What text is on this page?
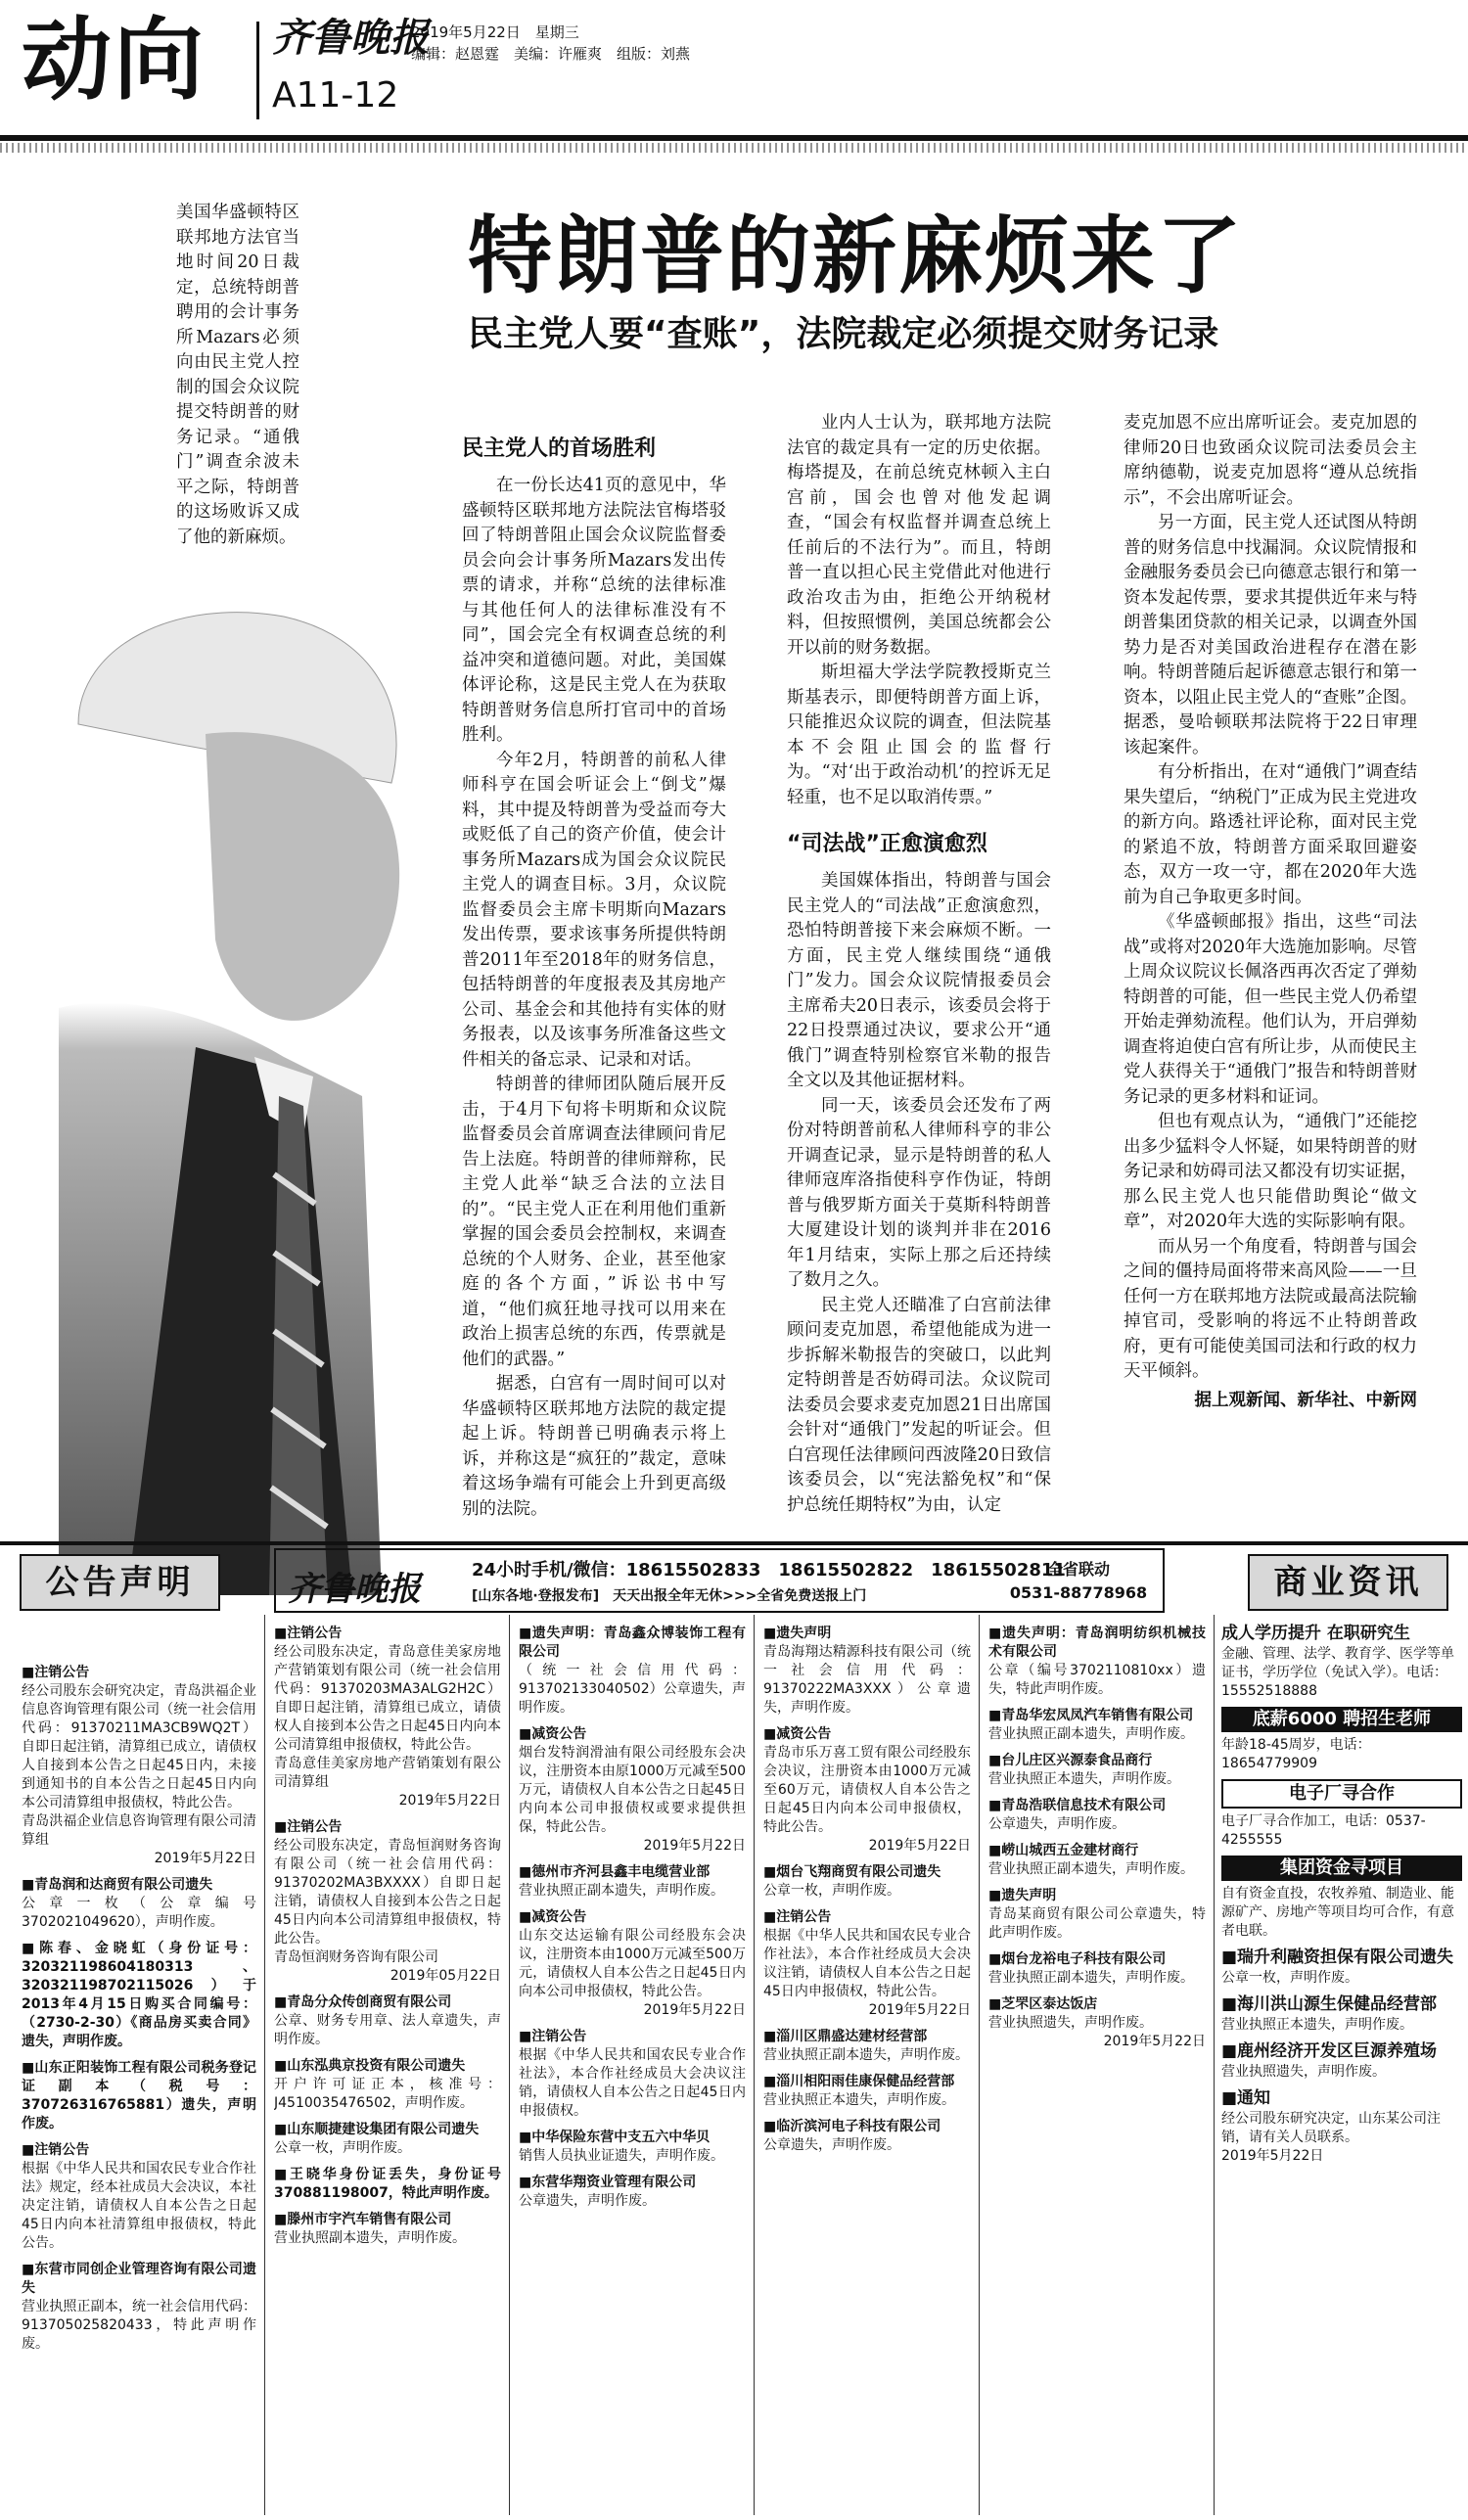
动向 齐鲁晚报
A11-12
2019年5月22日　星期三
编辑：赵恩霆　美编：许雁爽　组版：刘燕
美国华盛顿特区联邦地方法官当地时间20日裁定，总统特朗普聘用的会计事务所Mazars必须向由民主党人控制的国会众议院提交特朗普的财务记录。“通俄门”调查余波未平之际，特朗普的这场败诉又成了他的新麻烦。
特朗普的新麻烦来了
民主党人要“查账”，法院裁定必须提交财务记录
民主党人的首场胜利

在一份长达41页的意见中，华盛顿特区联邦地方法院法官梅塔驳回了特朗普阻止国会众议院监督委员会向会计事务所Mazars发出传票的请求，并称“总统的法律标准与其他任何人的法律标准没有不同”，国会完全有权调查总统的利益冲突和道德问题。对此，美国媒体评论称，这是民主党人在为获取特朗普财务信息所打官司中的首场胜利。

今年2月，特朗普的前私人律师科亨在国会听证会上“倒戈”爆料，其中提及特朗普为受益而夸大或贬低了自己的资产价值，使会计事务所Mazars成为国会众议院民主党人的调查目标。3月，众议院监督委员会主席卡明斯向Mazars发出传票，要求该事务所提供特朗普2011年至2018年的财务信息，包括特朗普的年度报表及其房地产公司、基金会和其他持有实体的财务报表，以及该事务所准备这些文件相关的备忘录、记录和对话。

特朗普的律师团队随后展开反击，于4月下旬将卡明斯和众议院监督委员会首席调查法律顾问肯尼告上法庭。特朗普的律师辩称，民主党人此举“缺乏合法的立法目的”。“民主党人正在利用他们重新掌握的国会委员会控制权，来调查总统的个人财务、企业，甚至他家庭的各个方面，”诉讼书中写道，“他们疯狂地寻找可以用来在政治上损害总统的东西，传票就是他们的武器。”

据悉，白宫有一周时间可以对华盛顿特区联邦地方法院的裁定提起上诉。特朗普已明确表示将上诉，并称这是“疯狂的”裁定，意味着这场争端有可能会上升到更高级别的法院。

业内人士认为，联邦地方法院法官的裁定具有一定的历史依据。梅塔提及，在前总统克林顿入主白宫前，国会也曾对他发起调查，“国会有权监督并调查总统上任前后的不法行为”。而且，特朗普一直以担心民主党借此对他进行政治攻击为由，拒绝公开纳税材料，但按照惯例，美国总统都会公开以前的财务数据。

斯坦福大学法学院教授斯克兰斯基表示，即便特朗普方面上诉，只能推迟众议院的调查，但法院基本不会阻止国会的监督行为。“对‘出于政治动机’的控诉无足轻重，也不足以取消传票。”

“司法战”正愈演愈烈

美国媒体指出，特朗普与国会民主党人的“司法战”正愈演愈烈，恐怕特朗普接下来会麻烦不断。一方面，民主党人继续围绕“通俄门”发力。国会众议院情报委员会主席希夫20日表示，该委员会将于22日投票通过决议，要求公开“通俄门”调查特别检察官米勒的报告全文以及其他证据材料。

同一天，该委员会还发布了两份对特朗普前私人律师科亨的非公开调查记录，显示是特朗普的私人律师寇库洛指使科亨作伪证，特朗普与俄罗斯方面关于莫斯科特朗普大厦建设计划的谈判并非在2016年1月结束，实际上那之后还持续了数月之久。

民主党人还瞄准了白宫前法律顾问麦克加恩，希望他能成为进一步拆解米勒报告的突破口，以此判定特朗普是否妨碍司法。众议院司法委员会要求麦克加恩21日出席国会针对“通俄门”发起的听证会。但白宫现任法律顾问西波隆20日致信该委员会，以“宪法豁免权”和“保护总统任期特权”为由，认定

麦克加恩不应出席听证会。麦克加恩的律师20日也致函众议院司法委员会主席纳德勒，说麦克加恩将“遵从总统指示”，不会出席听证会。

另一方面，民主党人还试图从特朗普的财务信息中找漏洞。众议院情报和金融服务委员会已向德意志银行和第一资本发起传票，要求其提供近年来与特朗普集团贷款的相关记录，以调查外国势力是否对美国政治进程存在潜在影响。特朗普随后起诉德意志银行和第一资本，以阻止民主党人的“查账”企图。据悉，曼哈顿联邦法院将于22日审理该起案件。

有分析指出，在对“通俄门”调查结果失望后，“纳税门”正成为民主党进攻的新方向。路透社评论称，面对民主党的紧追不放，特朗普方面采取回避姿态，双方一攻一守，都在2020年大选前为自己争取更多时间。

《华盛顿邮报》指出，这些“司法战”或将对2020年大选施加影响。尽管上周众议院议长佩洛西再次否定了弹劾特朗普的可能，但一些民主党人仍希望开始走弹劾流程。他们认为，开启弹劾调查将迫使白宫有所让步，从而使民主党人获得关于“通俄门”报告和特朗普财务记录的更多材料和证词。

但也有观点认为，“通俄门”还能挖出多少猛料令人怀疑，如果特朗普的财务记录和妨碍司法又都没有切实证据，那么民主党人也只能借助舆论“做文章”，对2020年大选的实际影响有限。

而从另一个角度看，特朗普与国会之间的僵持局面将带来高风险——一旦任何一方在联邦地方法院或最高法院输掉官司，受影响的将远不止特朗普政府，更有可能使美国司法和行政的权力天平倾斜。

据上观新闻、新华社、中新网

公告声明	商业资讯
齐鲁晚报	24小时手机/微信：18615502833　18615502822　18615502811
[山东各地·登报发布]　天天出报全年无休>>>全省免费送报上门
全省联动
0531-88778968
■注销公告
经公司股东会研究决定，青岛洪福企业信息咨询管理有限公司（统一社会信用代码：91370211MA3CB9WQ2T）自即日起注销，清算组已成立，请债权人自接到本公告之日起45日内，未接到通知书的自本公告之日起45日内向本公司清算组申报债权，特此公告。
青岛洪福企业信息咨询管理有限公司清算组
2019年5月22日
■青岛润和达商贸有限公司遗失
公章一枚（公章编号3702021049620），声明作废。
■陈春、金晓虹（身份证号：320321198604180313、320321198702115026）于2013年4月15日购买合同编号：（2730-2-30）《商品房买卖合同》遗失，声明作废。
■山东正阳装饰工程有限公司税务登记证副本（税号：370726316765881）遗失，声明作废。
■注销公告
根据《中华人民共和国农民专业合作社法》规定，经本社成员大会决议，本社决定注销，请债权人自本公告之日起45日内向本社清算组申报债权，特此公告。
■东营市同创企业管理咨询有限公司遗失
营业执照正副本，统一社会信用代码：913705025820433，特此声明作废。
■注销公告
经公司股东决定，青岛意佳美家房地产营销策划有限公司（统一社会信用代码：91370203MA3ALG2H2C）自即日起注销，清算组已成立，请债权人自接到本公告之日起45日内向本公司清算组申报债权，特此公告。
青岛意佳美家房地产营销策划有限公司清算组
2019年5月22日
■注销公告
经公司股东决定，青岛恒润财务咨询有限公司（统一社会信用代码：91370202MA3BXXXX）自即日起注销，请债权人自接到本公告之日起45日内向本公司清算组申报债权，特此公告。
青岛恒润财务咨询有限公司
2019年05月22日
■青岛分众传创商贸有限公司
公章、财务专用章、法人章遗失，声明作废。
■山东泓典京投资有限公司遗失
开户许可证正本，核准号：J4510035476502，声明作废。
■山东顺捷建设集团有限公司遗失
公章一枚，声明作废。
■王晓华身份证丢失，身份证号370881198007，特此声明作废。
■滕州市宇汽车销售有限公司
营业执照副本遗失，声明作废。
■遗失声明：青岛鑫众博装饰工程有限公司
（统一社会信用代码：913702133040502）公章遗失，声明作废。
■减资公告
烟台发特润滑油有限公司经股东会决议，注册资本由原1000万元减至500万元，请债权人自本公告之日起45日内向本公司申报债权或要求提供担保，特此公告。
2019年5月22日
■德州市齐河县鑫丰电缆营业部
营业执照正副本遗失，声明作废。
■减资公告
山东交达运输有限公司经股东会决议，注册资本由1000万元减至500万元，请债权人自本公告之日起45日内向本公司申报债权，特此公告。
2019年5月22日
■注销公告
根据《中华人民共和国农民专业合作社法》，本合作社经成员大会决议注销，请债权人自本公告之日起45日内申报债权。
■中华保险东营中支五六中华贝
销售人员执业证遗失，声明作废。
■东营华翔资业管理有限公司
公章遗失，声明作废。
■遗失声明
青岛海翔达精源科技有限公司（统一社会信用代码：91370222MA3XXX）公章遗失，声明作废。
■减资公告
青岛市乐万喜工贸有限公司经股东会决议，注册资本由1000万元减至60万元，请债权人自本公告之日起45日内向本公司申报债权，特此公告。
2019年5月22日
■烟台飞翔商贸有限公司遗失
公章一枚，声明作废。
■注销公告
根据《中华人民共和国农民专业合作社法》，本合作社经成员大会决议注销，请债权人自本公告之日起45日内申报债权，特此公告。
2019年5月22日
■淄川区鼎盛达建材经营部
营业执照正副本遗失，声明作废。
■淄川相阳雨佳康保健品经营部
营业执照正本遗失，声明作废。
■临沂滨河电子科技有限公司
公章遗失，声明作废。
■遗失声明：青岛润明纺织机械技术有限公司
公章（编号3702110810xx）遗失，特此声明作废。
■青岛华宏凤凤汽车销售有限公司
营业执照正副本遗失，声明作废。
■台儿庄区兴源泰食品商行
营业执照正本遗失，声明作废。
■青岛浩联信息技术有限公司
公章遗失，声明作废。
■崂山城西五金建材商行
营业执照正副本遗失，声明作废。
■遗失声明
青岛某商贸有限公司公章遗失，特此声明作废。
■烟台龙裕电子科技有限公司
营业执照正副本遗失，声明作废。
■芝罘区泰达饭店
营业执照遗失，声明作废。
2019年5月22日
成人学历提升 在职研究生
金融、管理、法学、教育学、医学等单证书，学历学位（免试入学）。电话：15552518888
底薪6000 聘招生老师
年龄18-45周岁，电话：18654779909
电子厂寻合作
电子厂寻合作加工，电话：0537-4255555
集团资金寻项目
自有资金直投，农牧养殖、制造业、能源矿产、房地产等项目均可合作，有意者电联。
■瑞升利融资担保有限公司遗失
公章一枚，声明作废。
■海川洪山源生保健品经营部
营业执照正本遗失，声明作废。
■鹿州经济开发区巨源养殖场
营业执照遗失，声明作废。
■通知
经公司股东研究决定，山东某公司注销，请有关人员联系。
2019年5月22日
